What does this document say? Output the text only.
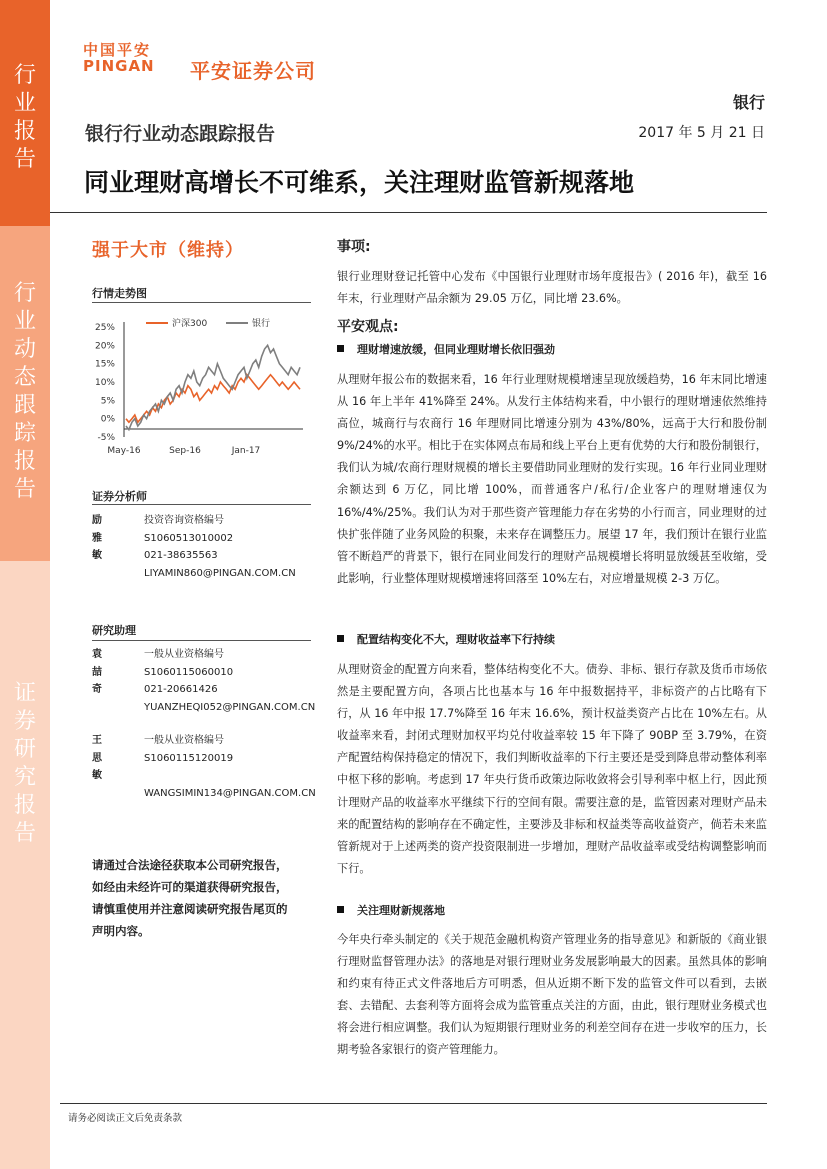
行
业
报
告
行
业
动
态
跟
踪
报
告
证
券
研
究
报
告
中国平安
PINGAN 平安证券公司
银行
银行行业动态跟踪报告	2017 年 5 月 21 日
同业理财高增长不可维系，关注理财监管新规落地
强于大市（维持）
行情走势图
25%
20%
15%
10%
5%
0%
-5%
May-16	Sep-16	Jan-17
沪深300	银行
证券分析师
励雅敏
投资咨询资格编号
S1060513010002
021-38635563
LIYAMIN860@PINGAN.COM.CN
研究助理
袁喆奇
一般从业资格编号
S1060115060010
021-20661426
YUANZHEQI052@PINGAN.COM.CN
王思敏
一般从业资格编号
S1060115120019
WANGSIMIN134@PINGAN.COM.CN
请通过合法途径获取本公司研究报告，如经由未经许可的渠道获得研究报告，请慎重使用并注意阅读研究报告尾页的声明内容。
事项:
银行业理财登记托管中心发布《中国银行业理财市场年度报告》( 2016 年)，截至 16 年末，行业理财产品余额为 29.05 万亿，同比增 23.6%。
平安观点:
理财增速放缓，但同业理财增长依旧强劲
从理财年报公布的数据来看，16 年行业理财规模增速呈现放缓趋势，16 年末同比增速从 16 年上半年 41%降至 24%。从发行主体结构来看，中小银行的理财增速依然维持高位，城商行与农商行 16 年理财同比增速分别为 43%/80%，远高于大行和股份制 9%/24%的水平。相比于在实体网点布局和线上平台上更有优势的大行和股份制银行，我们认为城/农商行理财规模的增长主要借助同业理财的发行实现。16 年行业同业理财余额达到 6 万亿，同比增 100%，而普通客户/私行/企业客户的理财增速仅为 16%/4%/25%。我们认为对于那些资产管理能力存在劣势的小行而言，同业理财的过快扩张伴随了业务风险的积聚，未来存在调整压力。展望 17 年，我们预计在银行业监管不断趋严的背景下，银行在同业间发行的理财产品规模增长将明显放缓甚至收缩，受此影响，行业整体理财规模增速将回落至 10%左右，对应增量规模 2-3 万亿。
配置结构变化不大，理财收益率下行持续
从理财资金的配置方向来看，整体结构变化不大。债券、非标、银行存款及货币市场依然是主要配置方向，各项占比也基本与 16 年中报数据持平，非标资产的占比略有下行，从 16 年中报 17.7%降至 16 年末 16.6%，预计权益类资产占比在 10%左右。从收益率来看，封闭式理财加权平均兑付收益率较 15 年下降了 90BP 至 3.79%，在资产配置结构保持稳定的情况下，我们判断收益率的下行主要还是受到降息带动整体利率中枢下移的影响。考虑到 17 年央行货币政策边际收敛将会引导利率中枢上行，因此预计理财产品的收益率水平继续下行的空间有限。需要注意的是，监管因素对理财产品未来的配置结构的影响存在不确定性，主要涉及非标和权益类等高收益资产，倘若未来监管新规对于上述两类的资产投资限制进一步增加，理财产品收益率或受结构调整影响而下行。
关注理财新规落地
今年央行牵头制定的《关于规范金融机构资产管理业务的指导意见》和新版的《商业银行理财监督管理办法》的落地是对银行理财业务发展影响最大的因素。虽然具体的影响和约束有待正式文件落地后方可明悉，但从近期不断下发的监管文件可以看到，去嵌套、去错配、去套利等方面将会成为监管重点关注的方面，由此，银行理财业务模式也将会进行相应调整。我们认为短期银行理财业务的利差空间存在进一步收窄的压力，长期考验各家银行的资产管理能力。
请务必阅读正文后免责条款
